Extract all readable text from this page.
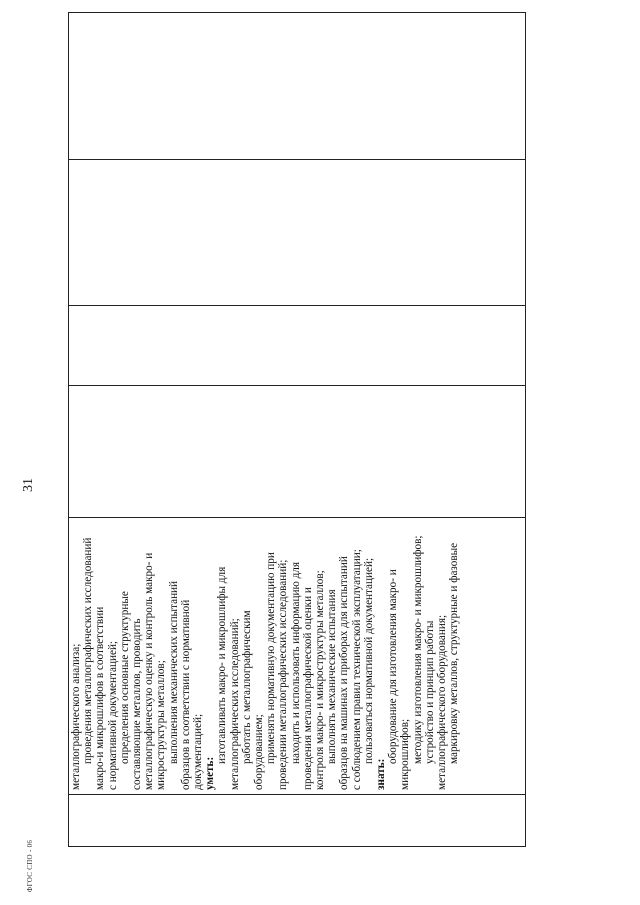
31
ФГОС СПО - 06
металлографического анализа; проведения металлографических исследований макро-и микрошлифов в соответствии с нормативной документацией; определения основные структурные составляющие металлов, проводить металлографическую оценку и контроль макро- и микроструктуры металлов; выполнения механических испытаний образцов в соответствии с нормативной документацией; уметь:
изготавливать макро- и микрошлифы для металлографических исследований; работать с металлографическим оборудованием; применять нормативную документацию при проведении металлографических исследований; находить и использовать информацию для проведения металлографической оценки и контроля макро- и микроструктуры металлов; выполнять механические испытания образцов на машинах и приборах для испытаний с соблюдением правил технической эксплуатации; пользоваться нормативной документацией;
знать:
оборудование для изготовления макро- и микрошлифов; методику изготовления макро- и микрошлифов; устройство и принцип работы металлографического оборудования; маркировку металлов, структурные и фазовые
